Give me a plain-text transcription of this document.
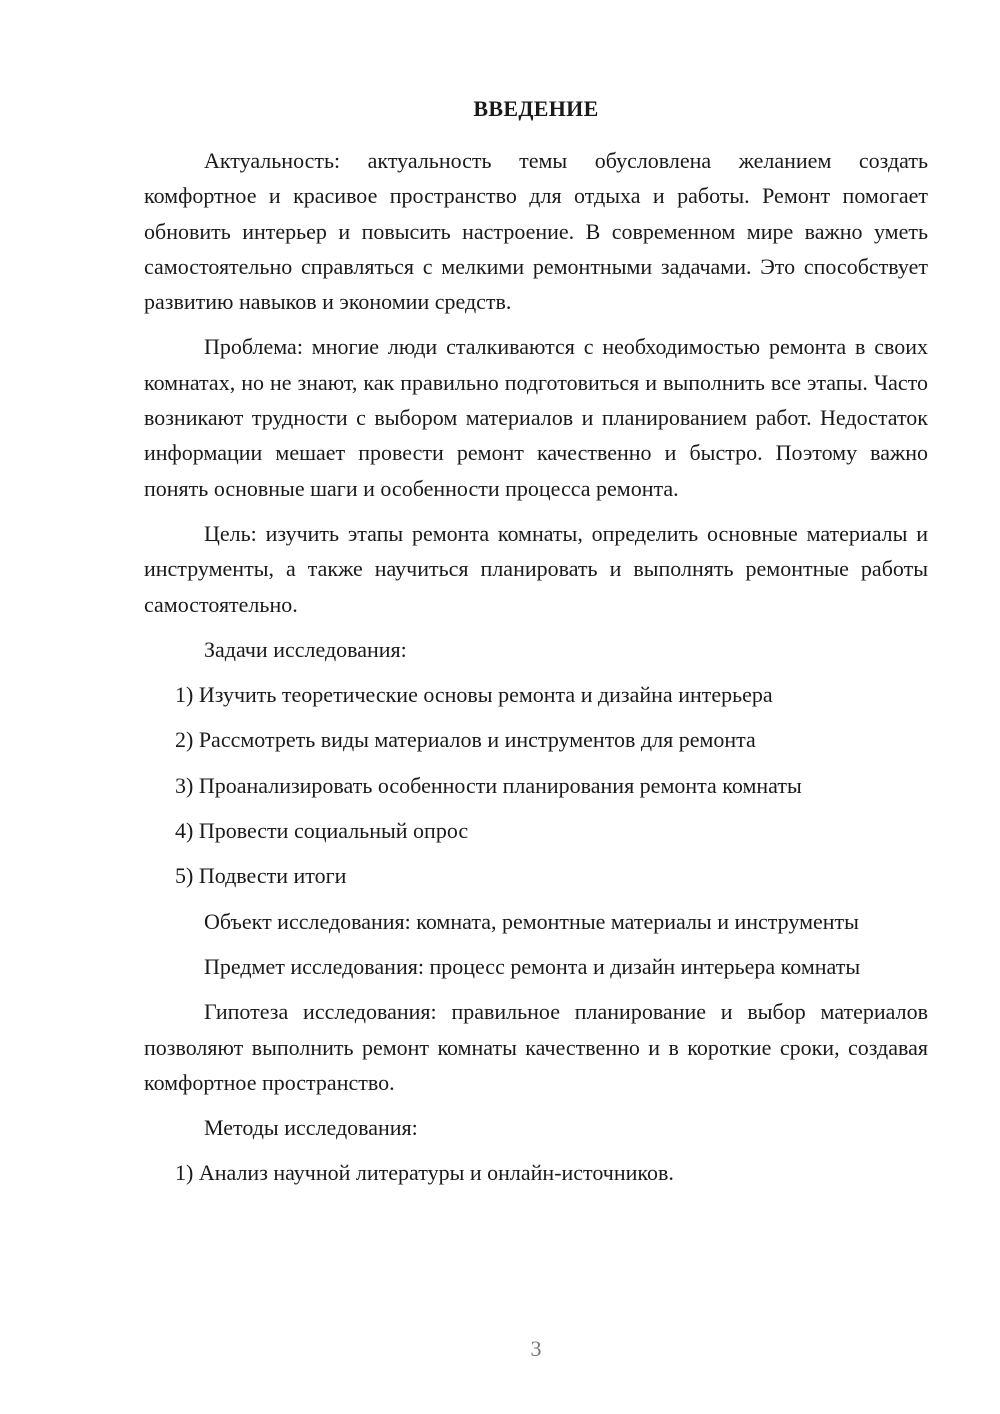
ВВЕДЕНИЕ

Актуальность: актуальность темы обусловлена желанием создать комфортное и красивое пространство для отдыха и работы. Ремонт помогает обновить интерьер и повысить настроение. В современном мире важно уметь самостоятельно справляться с мелкими ремонтными задачами. Это способствует развитию навыков и экономии средств.

Проблема: многие люди сталкиваются с необходимостью ремонта в своих комнатах, но не знают, как правильно подготовиться и выполнить все этапы. Часто возникают трудности с выбором материалов и планированием работ. Недостаток информации мешает провести ремонт качественно и быстро. Поэтому важно понять основные шаги и особенности процесса ремонта.

Цель: изучить этапы ремонта комнаты, определить основные материалы и инструменты, а также научиться планировать и выполнять ремонтные работы самостоятельно.

Задачи исследования:

1) Изучить теоретические основы ремонта и дизайна интерьера

2) Рассмотреть виды материалов и инструментов для ремонта

3) Проанализировать особенности планирования ремонта комнаты

4) Провести социальный опрос

5) Подвести итоги

Объект исследования: комната, ремонтные материалы и инструменты

Предмет исследования: процесс ремонта и дизайн интерьера комнаты

Гипотеза исследования: правильное планирование и выбор материалов позволяют выполнить ремонт комнаты качественно и в короткие сроки, создавая комфортное пространство.

Методы исследования:

1) Анализ научной литературы и онлайн-источников.

3
